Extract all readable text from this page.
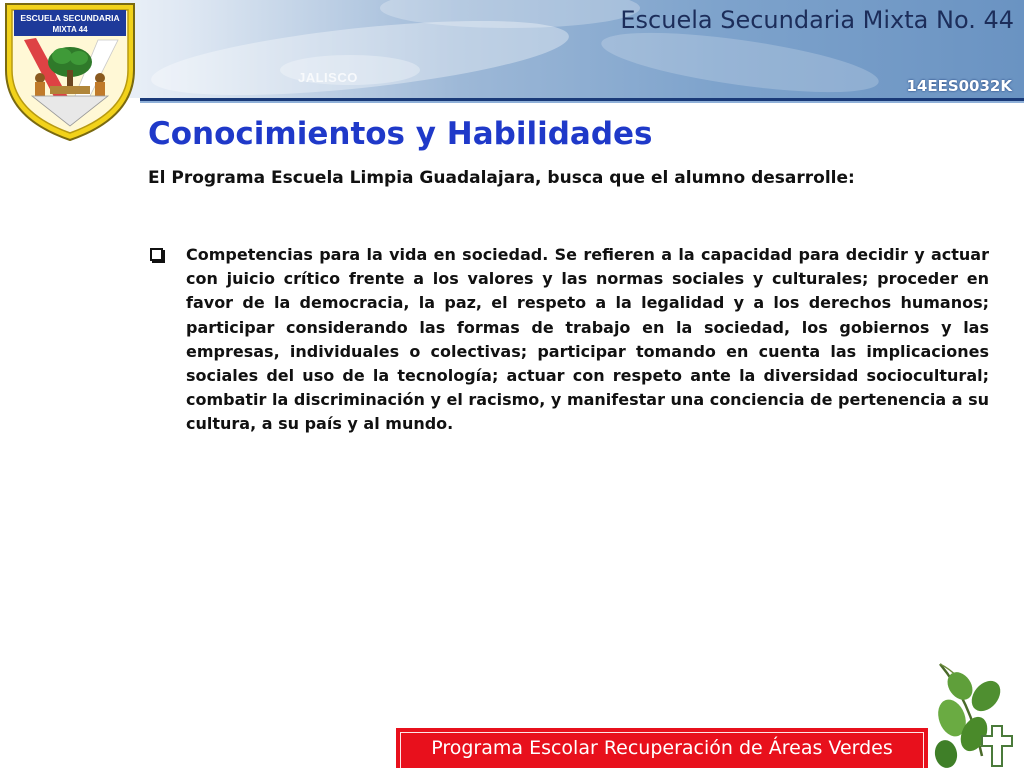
JALISCO
Escuela Secundaria Mixta No. 44
14EES0032K
ESCUELA SECUNDARIA
MIXTA 44
Conocimientos y Habilidades

El Programa Escuela Limpia Guadalajara, busca que el alumno desarrolle:

Competencias para la vida en sociedad. Se refieren a la capacidad para decidir y actuar con juicio crítico frente a los valores y las normas sociales y culturales; proceder en favor de la democracia, la paz, el respeto a la legalidad y a los derechos humanos; participar considerando las formas de trabajo en la sociedad, los gobiernos y las empresas, individuales o colectivas; participar tomando en cuenta las implicaciones sociales del uso de la tecnología; actuar con respeto ante la diversidad sociocultural; combatir la discriminación y el racismo, y manifestar una conciencia de pertenencia a su cultura, a su país y al mundo.

Programa Escolar Recuperación de Áreas Verdes
